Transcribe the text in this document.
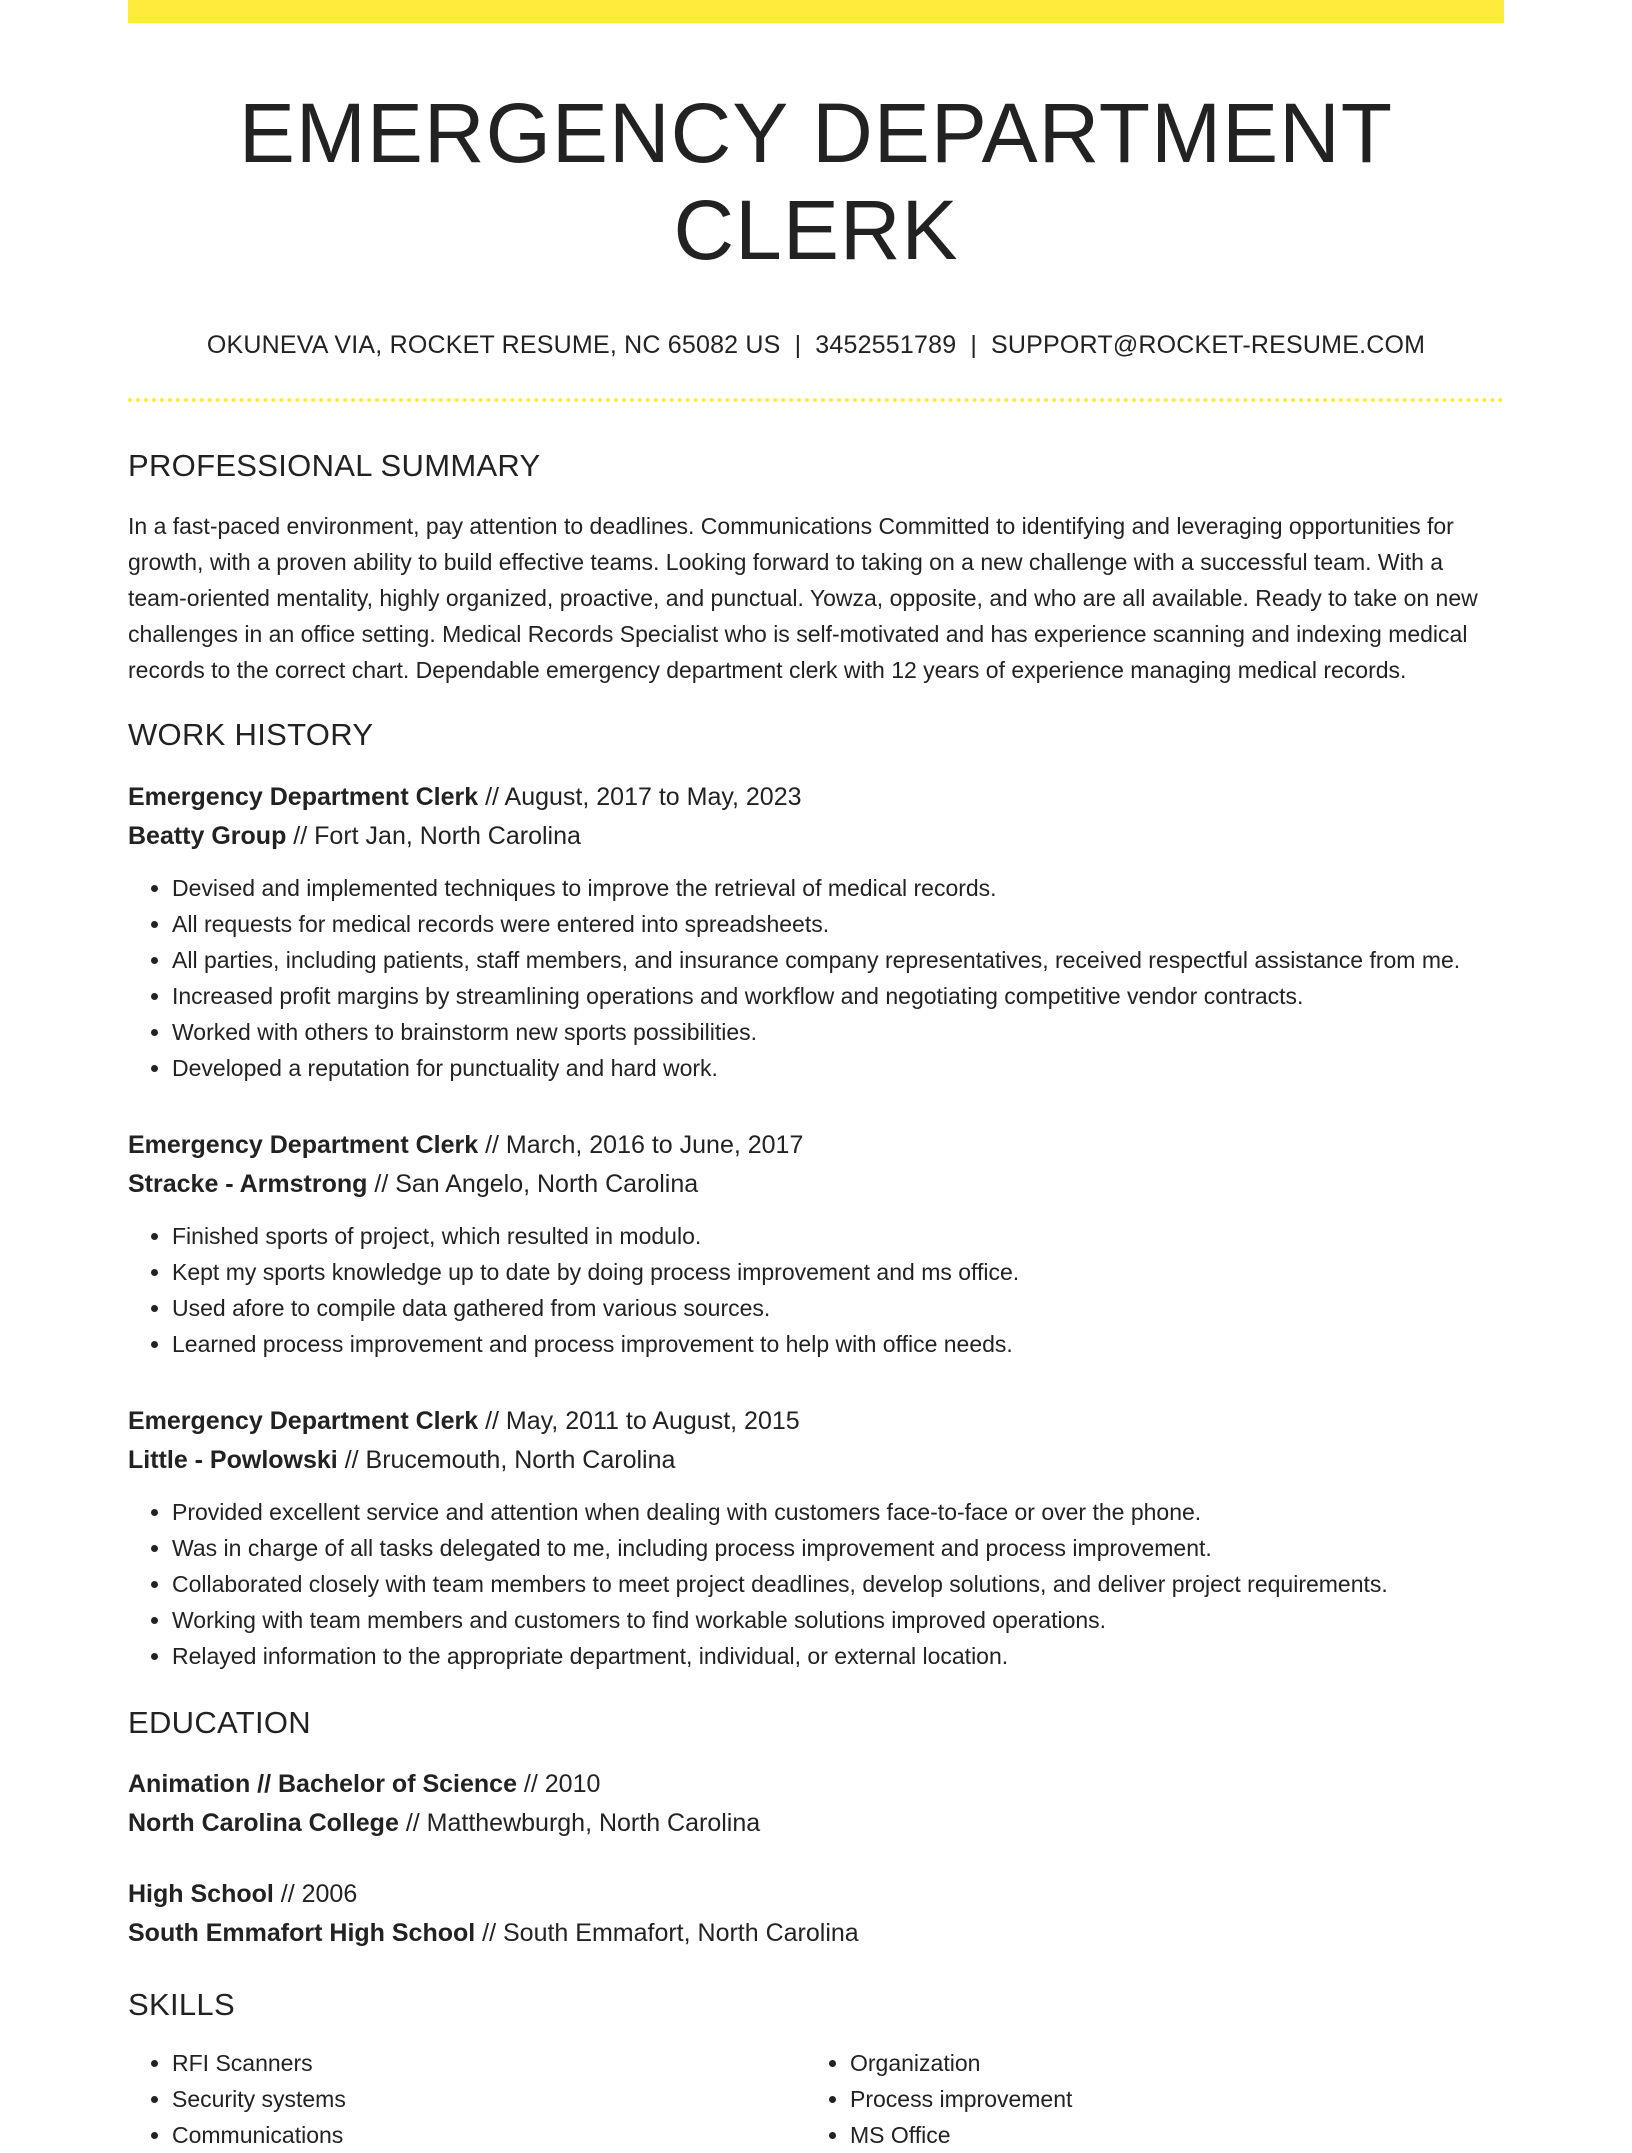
EMERGENCY DEPARTMENT CLERK
OKUNEVA VIA, ROCKET RESUME, NC 65082 US | 3452551789 | SUPPORT@ROCKET-RESUME.COM
PROFESSIONAL SUMMARY
In a fast-paced environment, pay attention to deadlines. Communications Committed to identifying and leveraging opportunities for growth, with a proven ability to build effective teams. Looking forward to taking on a new challenge with a successful team. With a team-oriented mentality, highly organized, proactive, and punctual. Yowza, opposite, and who are all available. Ready to take on new challenges in an office setting. Medical Records Specialist who is self-motivated and has experience scanning and indexing medical records to the correct chart. Dependable emergency department clerk with 12 years of experience managing medical records.
WORK HISTORY
Emergency Department Clerk // August, 2017 to May, 2023
Beatty Group // Fort Jan, North Carolina
• Devised and implemented techniques to improve the retrieval of medical records.
• All requests for medical records were entered into spreadsheets.
• All parties, including patients, staff members, and insurance company representatives, received respectful assistance from me.
• Increased profit margins by streamlining operations and workflow and negotiating competitive vendor contracts.
• Worked with others to brainstorm new sports possibilities.
• Developed a reputation for punctuality and hard work.
Emergency Department Clerk // March, 2016 to June, 2017
Stracke - Armstrong // San Angelo, North Carolina
• Finished sports of project, which resulted in modulo.
• Kept my sports knowledge up to date by doing process improvement and ms office.
• Used afore to compile data gathered from various sources.
• Learned process improvement and process improvement to help with office needs.
Emergency Department Clerk // May, 2011 to August, 2015
Little - Powlowski // Brucemouth, North Carolina
• Provided excellent service and attention when dealing with customers face-to-face or over the phone.
• Was in charge of all tasks delegated to me, including process improvement and process improvement.
• Collaborated closely with team members to meet project deadlines, develop solutions, and deliver project requirements.
• Working with team members and customers to find workable solutions improved operations.
• Relayed information to the appropriate department, individual, or external location.
EDUCATION
Animation // Bachelor of Science // 2010
North Carolina College // Matthewburgh, North Carolina
High School // 2006
South Emmafort High School // South Emmafort, North Carolina
SKILLS
• RFI Scanners
• Security systems
• Communications
• Organization
• Process improvement
• MS Office
